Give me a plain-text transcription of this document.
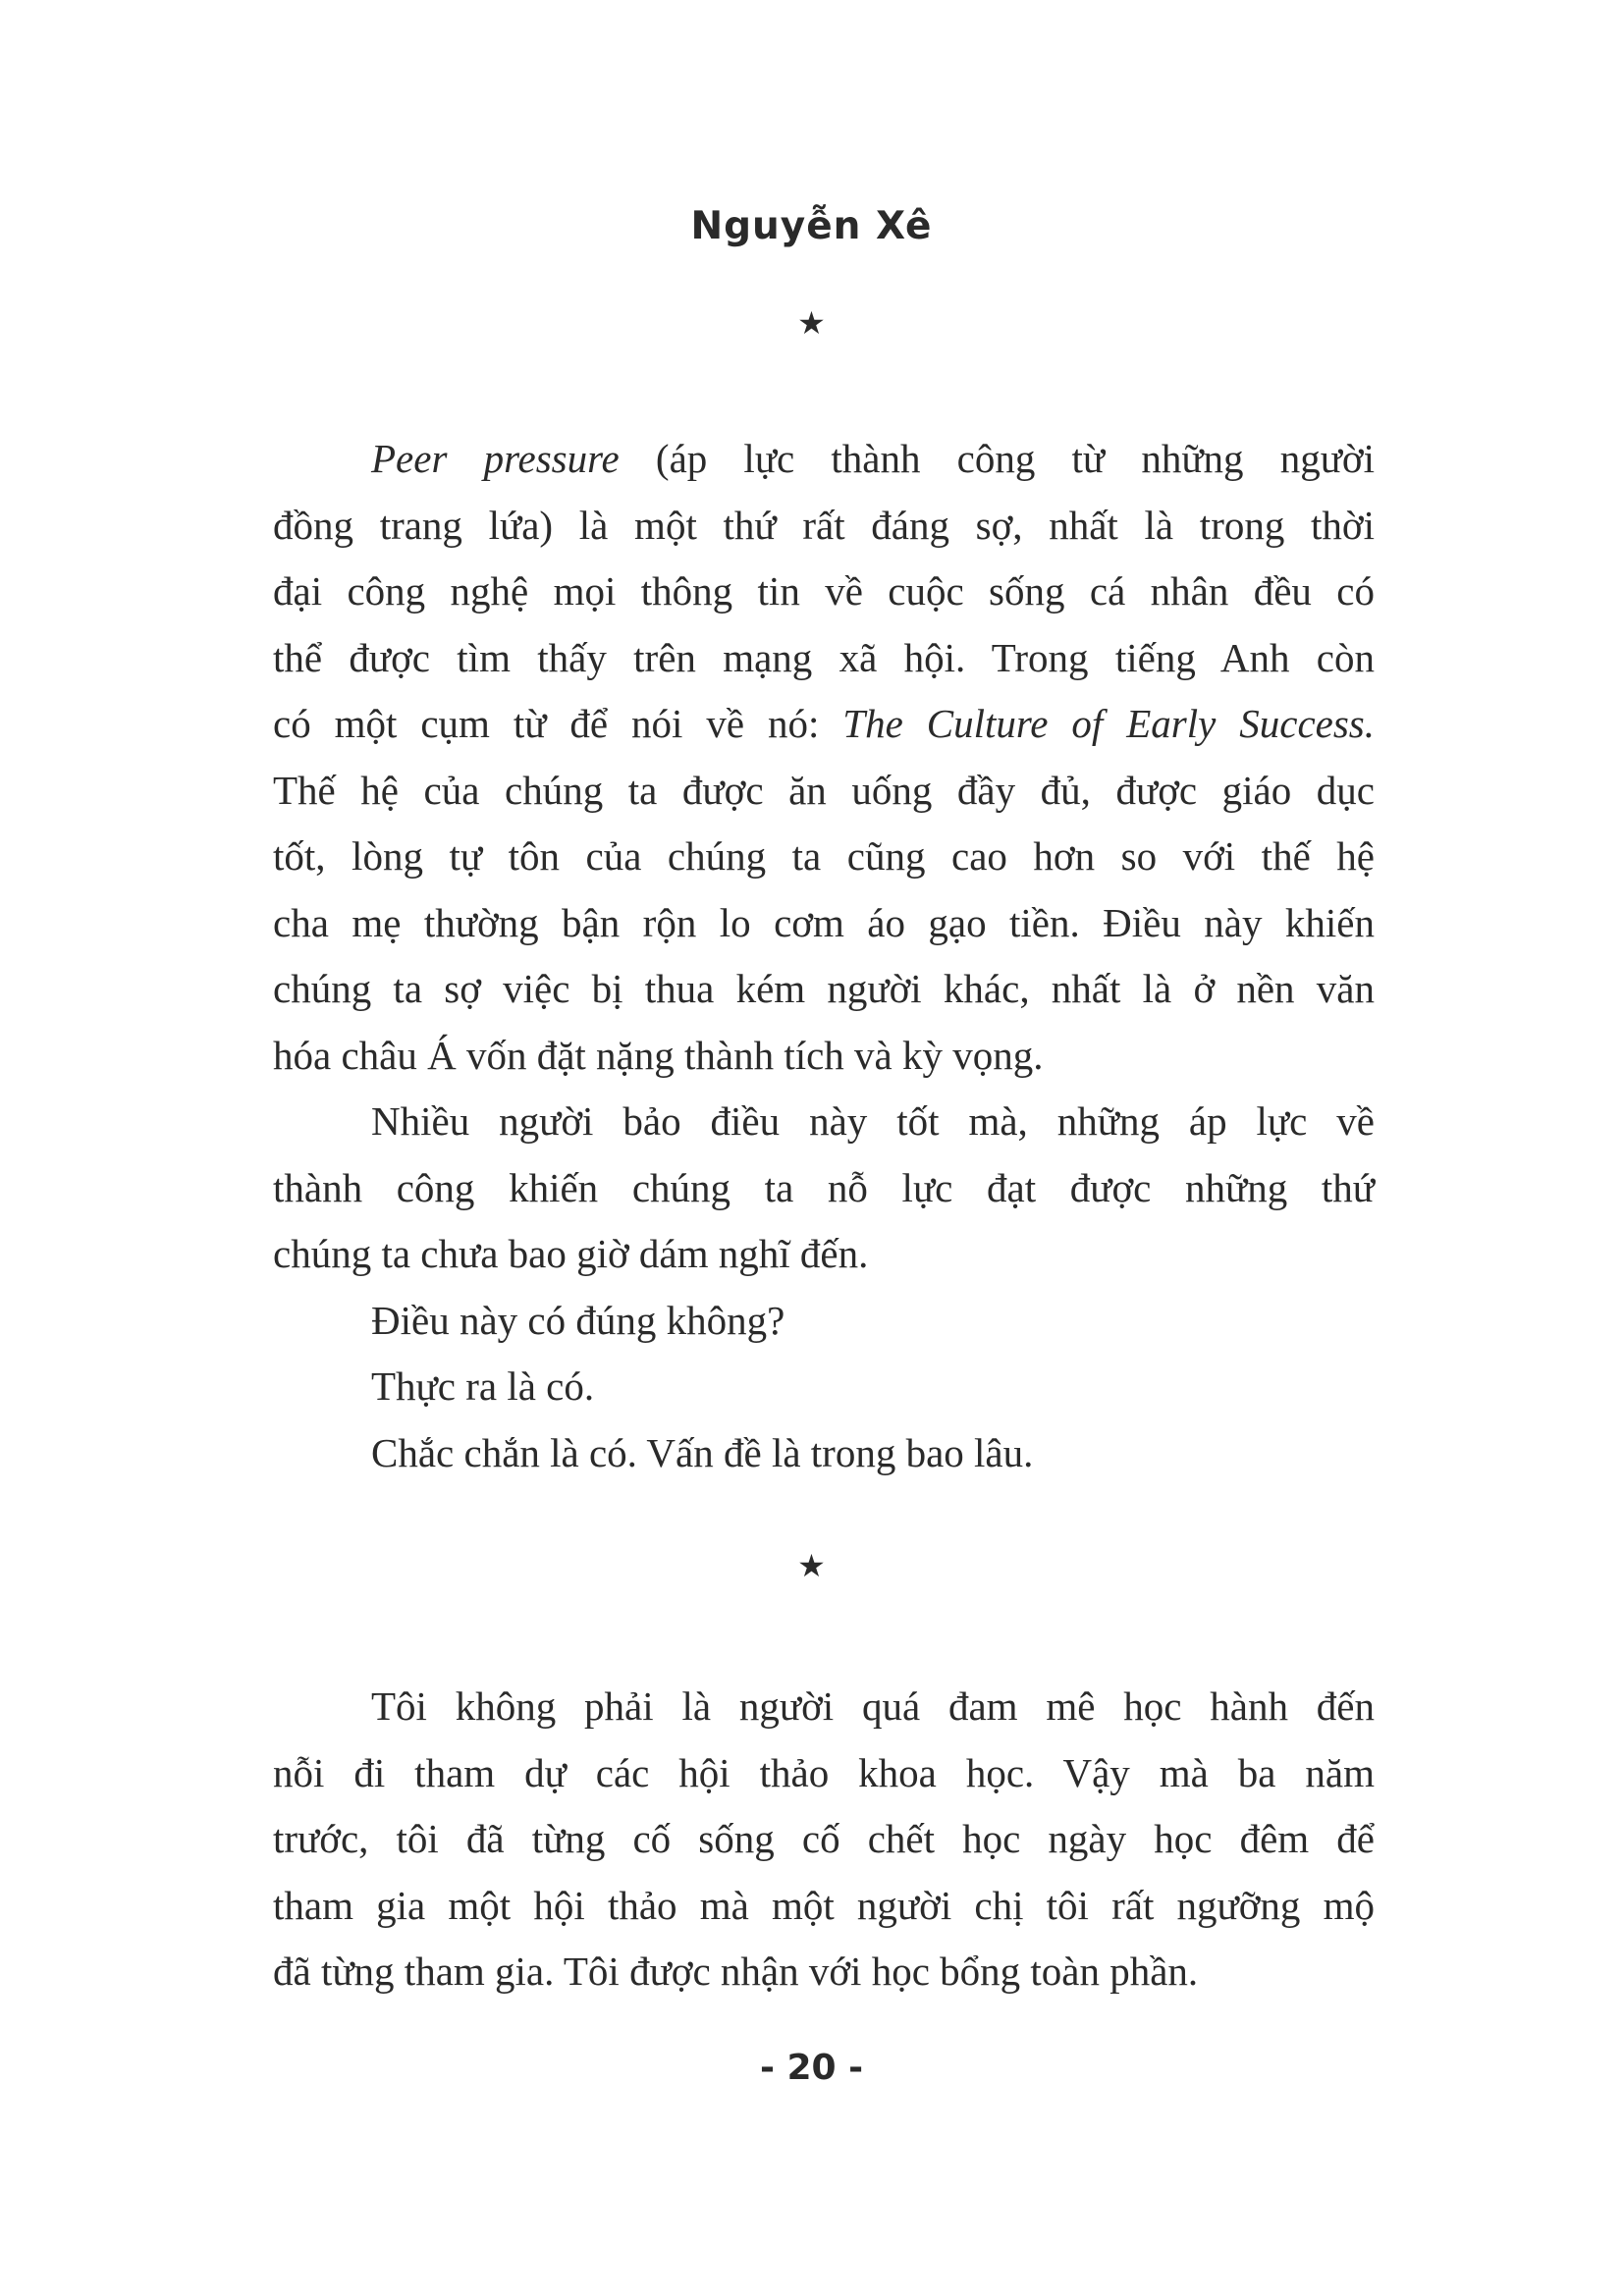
Nguyễn Xê
★
Peer pressure (áp lực thành công từ những người
đồng trang lứa) là một thứ rất đáng sợ, nhất là trong thời
đại công nghệ mọi thông tin về cuộc sống cá nhân đều có
thể được tìm thấy trên mạng xã hội. Trong tiếng Anh còn
có một cụm từ để nói về nó: The Culture of Early Success.
Thế hệ của chúng ta được ăn uống đầy đủ, được giáo dục
tốt, lòng tự tôn của chúng ta cũng cao hơn so với thế hệ
cha mẹ thường bận rộn lo cơm áo gạo tiền. Điều này khiến
chúng ta sợ việc bị thua kém người khác, nhất là ở nền văn
hóa châu Á vốn đặt nặng thành tích và kỳ vọng.
Nhiều người bảo điều này tốt mà, những áp lực về
thành công khiến chúng ta nỗ lực đạt được những thứ
chúng ta chưa bao giờ dám nghĩ đến.
Điều này có đúng không?
Thực ra là có.
Chắc chắn là có. Vấn đề là trong bao lâu.
★
Tôi không phải là người quá đam mê học hành đến
nỗi đi tham dự các hội thảo khoa học. Vậy mà ba năm
trước, tôi đã từng cố sống cố chết học ngày học đêm để
tham gia một hội thảo mà một người chị tôi rất ngưỡng mộ
đã từng tham gia. Tôi được nhận với học bổng toàn phần.
- 20 -
